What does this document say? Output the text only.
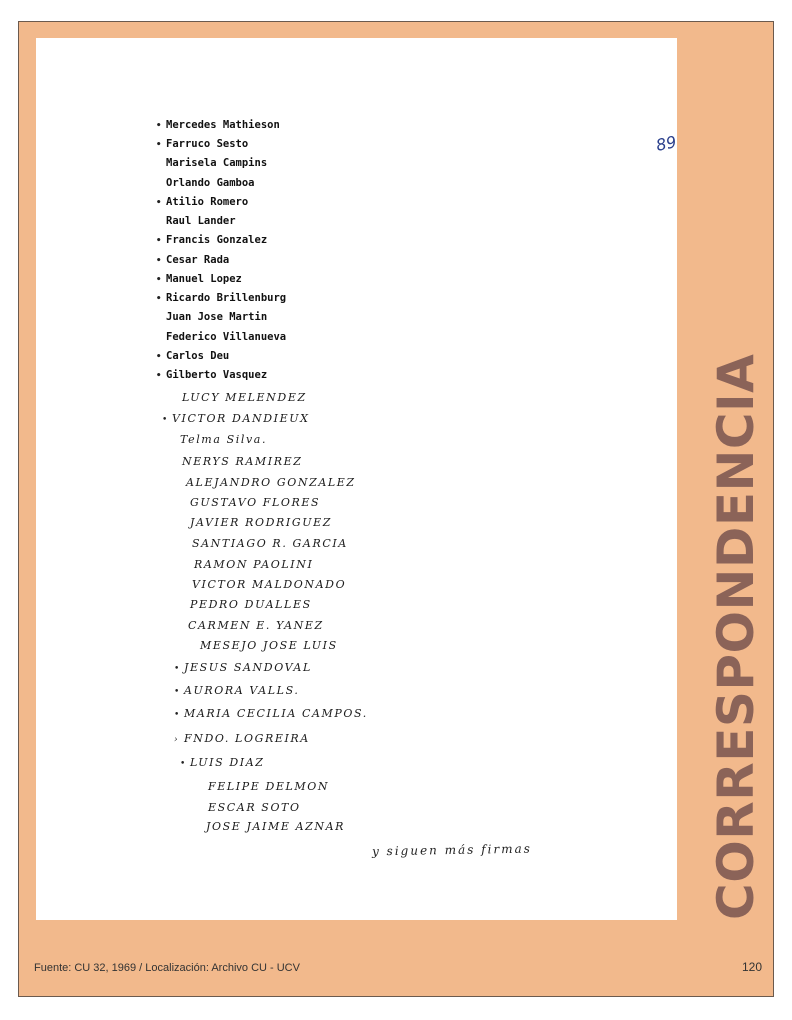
89
• Mercedes Mathieson
• Farruco Sesto
Marisela Campins
Orlando Gamboa
• Atilio Romero
Raul Lander
• Francis Gonzalez
• Cesar Rada
• Manuel Lopez
• Ricardo Brillenburg
Juan Jose Martin
Federico Villanueva
• Carlos Deu
• Gilberto Vasquez
LUCY MELENDEZ
• VICTOR DANDIEUX
Telma Silva.
NERYS RAMIREZ
ALEJANDRO GONZALEZ
GUSTAVO FLORES
JAVIER RODRIGUEZ
SANTIAGO R. GARCIA
RAMON PAOLINI
VICTOR MALDONADO
PEDRO DUALLES
CARMEN E. YANEZ
MESEJO JOSE LUIS
• JESUS SANDOVAL
• AURORA VALLS.
• MARIA CECILIA CAMPOS.
› FNDO. LOGREIRA
• LUIS DIAZ
FELIPE DELMON
ESCAR SOTO
JOSE JAIME AZNAR
y siguen más firmas	CORRESPONDENCIA
Fuente: CU 32, 1969 / Localización: Archivo CU - UCV	120
